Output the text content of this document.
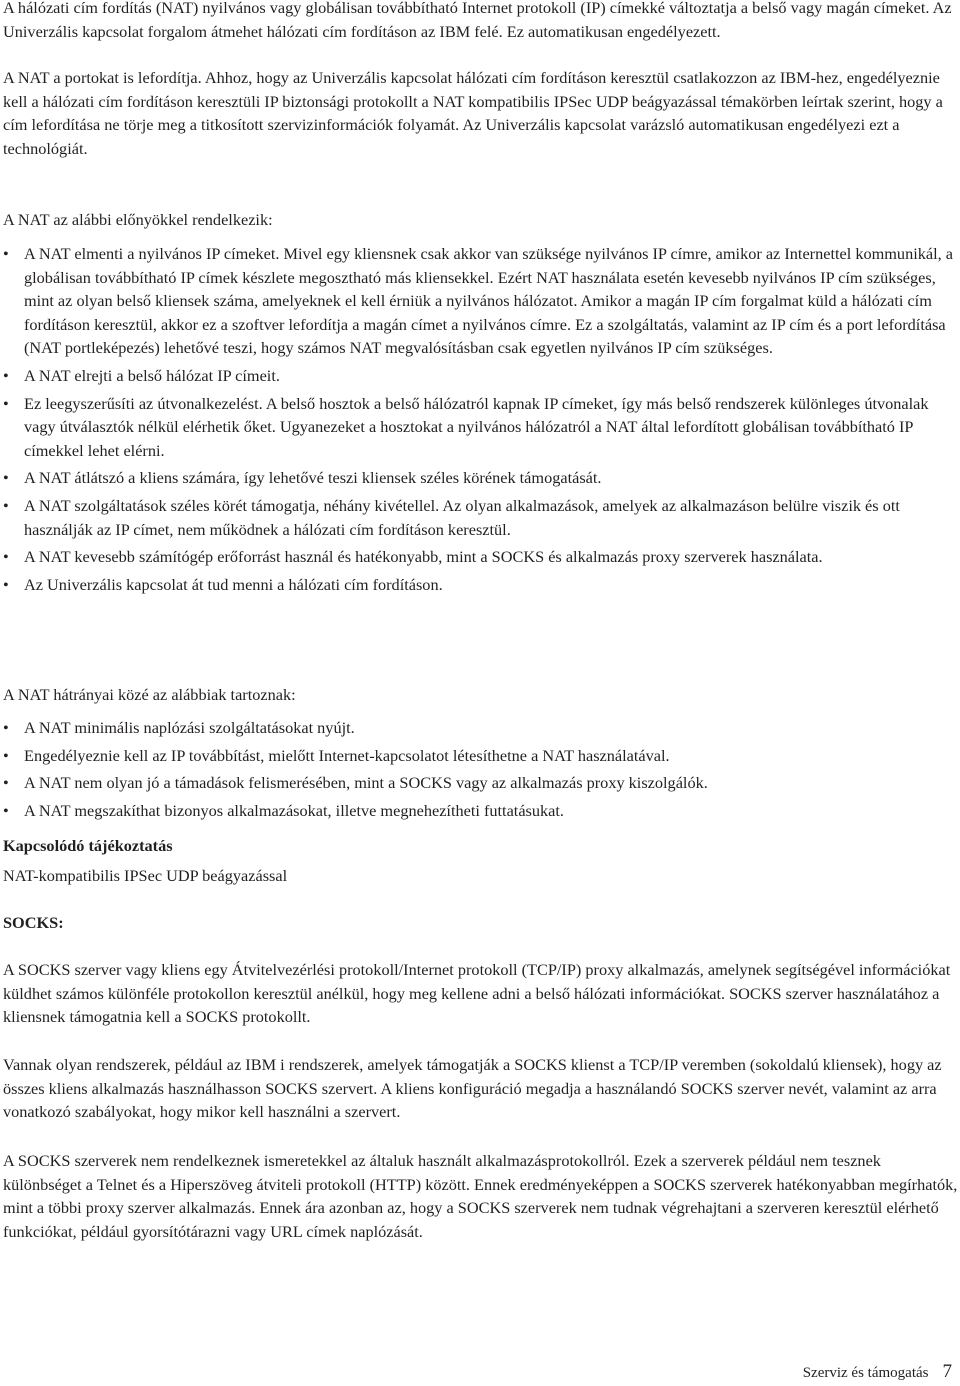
A hálózati cím fordítás (NAT) nyilvános vagy globálisan továbbítható Internet protokoll (IP) címekké változtatja a belső vagy magán címeket. Az Univerzális kapcsolat forgalom átmehet hálózati cím fordításon az IBM felé. Ez automatikusan engedélyezett.

A NAT a portokat is lefordítja. Ahhoz, hogy az Univerzális kapcsolat hálózati cím fordításon keresztül csatlakozzon az IBM-hez, engedélyeznie kell a hálózati cím fordításon keresztüli IP biztonsági protokollt a NAT kompatibilis IPSec UDP beágyazással témakörben leírtak szerint, hogy a cím lefordítása ne törje meg a titkosított szervizinformációk folyamát. Az Univerzális kapcsolat varázsló automatikusan engedélyezi ezt a technológiát.

A NAT az alábbi előnyökkel rendelkezik:

• A NAT elmenti a nyilvános IP címeket. Mivel egy kliensnek csak akkor van szüksége nyilvános IP címre, amikor az Internettel kommunikál, a globálisan továbbítható IP címek készlete megosztható más kliensekkel. Ezért NAT használata esetén kevesebb nyilvános IP cím szükséges, mint az olyan belső kliensek száma, amelyeknek el kell érniük a nyilvános hálózatot. Amikor a magán IP cím forgalmat küld a hálózati cím fordításon keresztül, akkor ez a szoftver lefordítja a magán címet a nyilvános címre. Ez a szolgáltatás, valamint az IP cím és a port lefordítása (NAT portleképezés) lehetővé teszi, hogy számos NAT megvalósításban csak egyetlen nyilvános IP cím szükséges.
• A NAT elrejti a belső hálózat IP címeit.
• Ez leegyszerűsíti az útvonalkezelést. A belső hosztok a belső hálózatról kapnak IP címeket, így más belső rendszerek különleges útvonalak vagy útválasztók nélkül elérhetik őket. Ugyanezeket a hosztokat a nyilvános hálózatról a NAT által lefordított globálisan továbbítható IP címekkel lehet elérni.
• A NAT átlátszó a kliens számára, így lehetővé teszi kliensek széles körének támogatását.
• A NAT szolgáltatások széles körét támogatja, néhány kivétellel. Az olyan alkalmazások, amelyek az alkalmazáson belülre viszik és ott használják az IP címet, nem működnek a hálózati cím fordításon keresztül.
• A NAT kevesebb számítógép erőforrást használ és hatékonyabb, mint a SOCKS és alkalmazás proxy szerverek használata.
• Az Univerzális kapcsolat át tud menni a hálózati cím fordításon.

A NAT hátrányai közé az alábbiak tartoznak:

• A NAT minimális naplózási szolgáltatásokat nyújt.
• Engedélyeznie kell az IP továbbítást, mielőtt Internet-kapcsolatot létesíthetne a NAT használatával.
• A NAT nem olyan jó a támadások felismerésében, mint a SOCKS vagy az alkalmazás proxy kiszolgálók.
• A NAT megszakíthat bizonyos alkalmazásokat, illetve megnehezítheti futtatásukat.

Kapcsolódó tájékoztatás

NAT-kompatibilis IPSec UDP beágyazással

SOCKS:

A SOCKS szerver vagy kliens egy Átvitelvezérlési protokoll/Internet protokoll (TCP/IP) proxy alkalmazás, amelynek segítségével információkat küldhet számos különféle protokollon keresztül anélkül, hogy meg kellene adni a belső hálózati információkat. SOCKS szerver használatához a kliensnek támogatnia kell a SOCKS protokollt.

Vannak olyan rendszerek, például az IBM i rendszerek, amelyek támogatják a SOCKS klienst a TCP/IP veremben (sokoldalú kliensek), hogy az összes kliens alkalmazás használhasson SOCKS szervert. A kliens konfiguráció megadja a használandó SOCKS szerver nevét, valamint az arra vonatkozó szabályokat, hogy mikor kell használni a szervert.

A SOCKS szerverek nem rendelkeznek ismeretekkel az általuk használt alkalmazásprotokollról. Ezek a szerverek például nem tesznek különbséget a Telnet és a Hiperszöveg átviteli protokoll (HTTP) között. Ennek eredményeképpen a SOCKS szerverek hatékonyabban megírhatók, mint a többi proxy szerver alkalmazás. Ennek ára azonban az, hogy a SOCKS szerverek nem tudnak végrehajtani a szerveren keresztül elérhető funkciókat, például gyorsítótárazni vagy URL címek naplózását.

Szerviz és támogatás 7
